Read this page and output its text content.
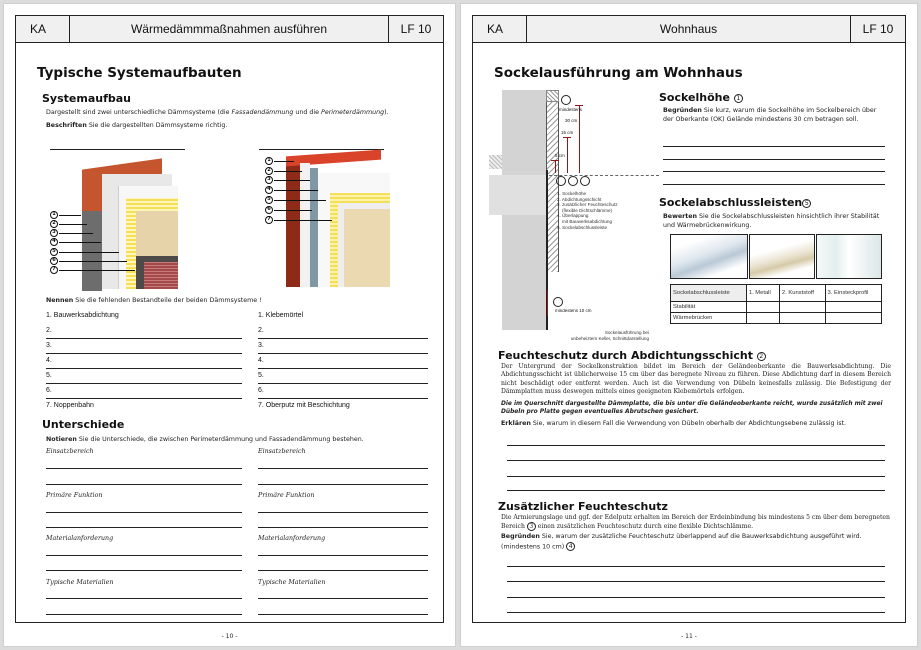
KA	Wärmedämmmaßnahmen ausführen	LF 10
Typische Systemaufbauten
Systemaufbau
Dargestellt sind zwei unterschiedliche Dämmsysteme (die Fassadendämmung und die Perimeterdämmung).
Beschriften Sie die dargestellten Dämmsysteme richtig.
1
2
3
4
5
6
7
1
2
3
4
5
6
7
Nennen Sie die fehlenden Bestandteile der beiden Dämmsysteme !
1. Bauwerksabdichtung
2.
3.
4.
5.
6.
7. Noppenbahn
1. Klebemörtel
2.
3.
4.
5.
6.
7. Oberputz mit Beschichtung
Unterschiede
Notieren Sie die Unterschiede, die zwischen Perimeterdämmung und Fassadendämmung bestehen.
Einsatzbereich
Primäre Funktion
Materialanforderung
Typische Materialien
Einsatzbereich
Primäre Funktion
Materialanforderung
Typische Materialien
- 10 -
KA	Wohnhaus	LF 10
Sockelausführung am Wohnhaus
mindestens
30 cm
15 cm
5 cm
mindestens 10 cm
1. Sockelhöhe
2. Abdichtungsschicht
3. zusätzlicher Feuchteschutz
(flexible Dichtschlämme)
4. Überlappung
mit Bauwerksabdichtung
5. Sockelabschlussleiste
Sockelausführung bei
unbeheiztem Keller, Schnittdarstellung
Sockelhöhe 1
Begründen Sie kurz, warum die Sockelhöhe im Sockelbereich über der Oberkante (OK) Gelände mindestens 30 cm betragen soll.
Sockelabschlussleisten 5
Bewerten Sie die Sockelabschlussleisten hinsichtlich ihrer Stabilität und Wärmebrückenwirkung.
Sockelabschlussleiste	1. Metall	2. Kunststoff	3. Einsteckprofil
Stabilität			
Wärmebrücken			
Feuchteschutz durch Abdichtungsschicht 2
Der Untergrund der Sockelkonstruktion bildet im Bereich der Geländeoberkante die Bauwerksabdichtung. Die Abdichtungsschicht ist üblicherweise 15 cm über das beregnete Niveau zu führen. Diese Abdichtung darf in diesem Bereich nicht beschädigt oder entfernt werden. Auch ist die Verwendung von Dübeln keinesfalls zulässig. Die Befestigung der Dämmplatten muss deswegen mittels eines geeigneten Klebemörtels erfolgen.
Die im Querschnitt dargestellte Dämmplatte, die bis unter die Geländeoberkante reicht, wurde zusätzlich mit zwei Dübeln pro Platte gegen eventuelles Abrutschen gesichert.
Erklären Sie, warum in diesem Fall die Verwendung von Dübeln oberhalb der Abdichtungsebene zulässig ist.
Zusätzlicher Feuchteschutz
Die Armierungslage und ggf. der Edelputz erhalten im Bereich der Erdeinbindung bis mindestens 5 cm über dem beregneten Bereich 3 einen zusätzlichen Feuchteschutz durch eine flexible Dichtschlämme.
Begründen Sie, warum der zusätzliche Feuchteschutz überlappend auf die Bauwerksabdichtung ausgeführt wird. (mindestens 10 cm) 4
- 11 -
